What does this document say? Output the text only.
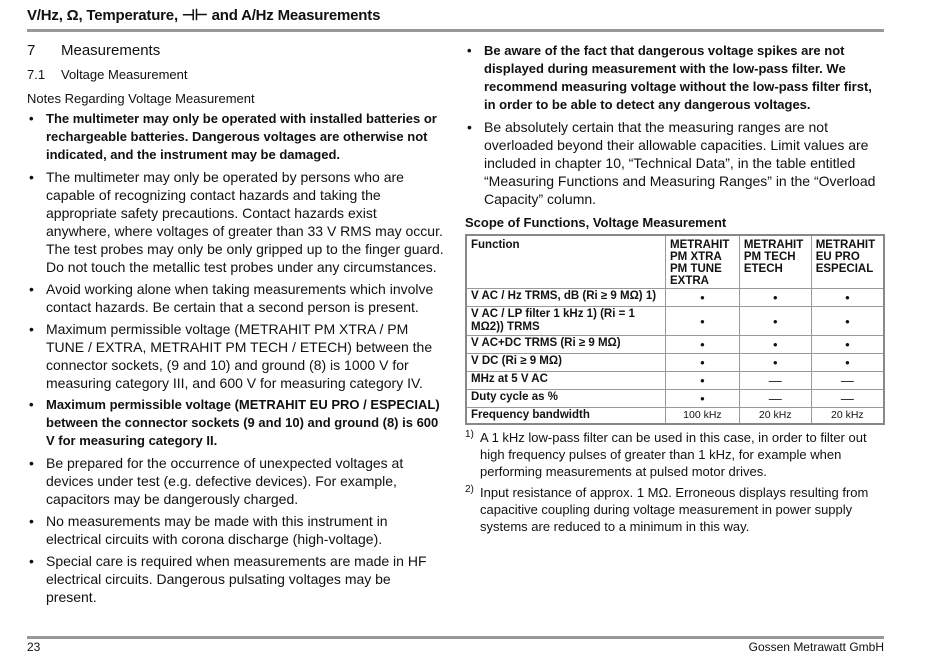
V/Hz, Ω, Temperature, ⊣⊢ and A/Hz Measurements
7 Measurements
7.1 Voltage Measurement
Notes Regarding Voltage Measurement
• The multimeter may only be operated with installed batteries or rechargeable batteries. Dangerous voltages are otherwise not indicated, and the instrument may be damaged.
• The multimeter may only be operated by persons who are capable of recognizing contact hazards and taking the appropriate safety precautions. Contact hazards exist anywhere, where voltages of greater than 33 V RMS may occur. The test probes may only be only gripped up to the finger guard. Do not touch the metallic test probes under any circumstances.
• Avoid working alone when taking measurements which involve contact hazards. Be certain that a second person is present.
• Maximum permissible voltage (METRAHIT PM XTRA / PM TUNE / EXTRA, METRAHIT PM TECH / ETECH) between the connector sockets, (9 and 10) and ground (8) is 1000 V for measuring category III, and 600 V for measuring category IV.
• Maximum permissible voltage (METRAHIT EU PRO / ESPECIAL) between the connector sockets (9 and 10) and ground (8) is 600 V for measuring category II.
• Be prepared for the occurrence of unexpected voltages at devices under test (e.g. defective devices). For example, capacitors may be dangerously charged.
• No measurements may be made with this instrument in electrical circuits with corona discharge (high-voltage).
• Special care is required when measurements are made in HF electrical circuits. Dangerous pulsating voltages may be present.
• Be aware of the fact that dangerous voltage spikes are not displayed during measurement with the low-pass filter. We recommend measuring voltage without the low-pass filter first, in order to be able to detect any dangerous voltages.
• Be absolutely certain that the measuring ranges are not overloaded beyond their allowable capacities. Limit values are included in chapter 10, “Technical Data”, in the table entitled “Measuring Functions and Measuring Ranges” in the “Overload Capacity” column.
Scope of Functions, Voltage Measurement
Function	METRAHIT PM XTRA PM TUNE EXTRA	METRAHIT PM TECH ETECH	METRAHIT EU PRO ESPECIAL
V AC / Hz TRMS, dB (Ri ≥ 9 MΩ) 1)	•	•	•
V AC / LP filter 1 kHz 1) (Ri = 1 MΩ2)) TRMS	•	•	•
V AC+DC TRMS (Ri ≥ 9 MΩ)	•	•	•
V DC (Ri ≥ 9 MΩ)	•	•	•
MHz at 5 V AC	•	—	—
Duty cycle as %	•	—	—
Frequency bandwidth	100 kHz	20 kHz	20 kHz
1) A 1 kHz low-pass filter can be used in this case, in order to filter out high frequency pulses of greater than 1 kHz, for example when performing measurements at pulsed motor drives.
2) Input resistance of approx. 1 MΩ. Erroneous displays resulting from capacitive coupling during voltage measurement in power supply systems are reduced to a minimum in this way.
23	Gossen Metrawatt GmbH
